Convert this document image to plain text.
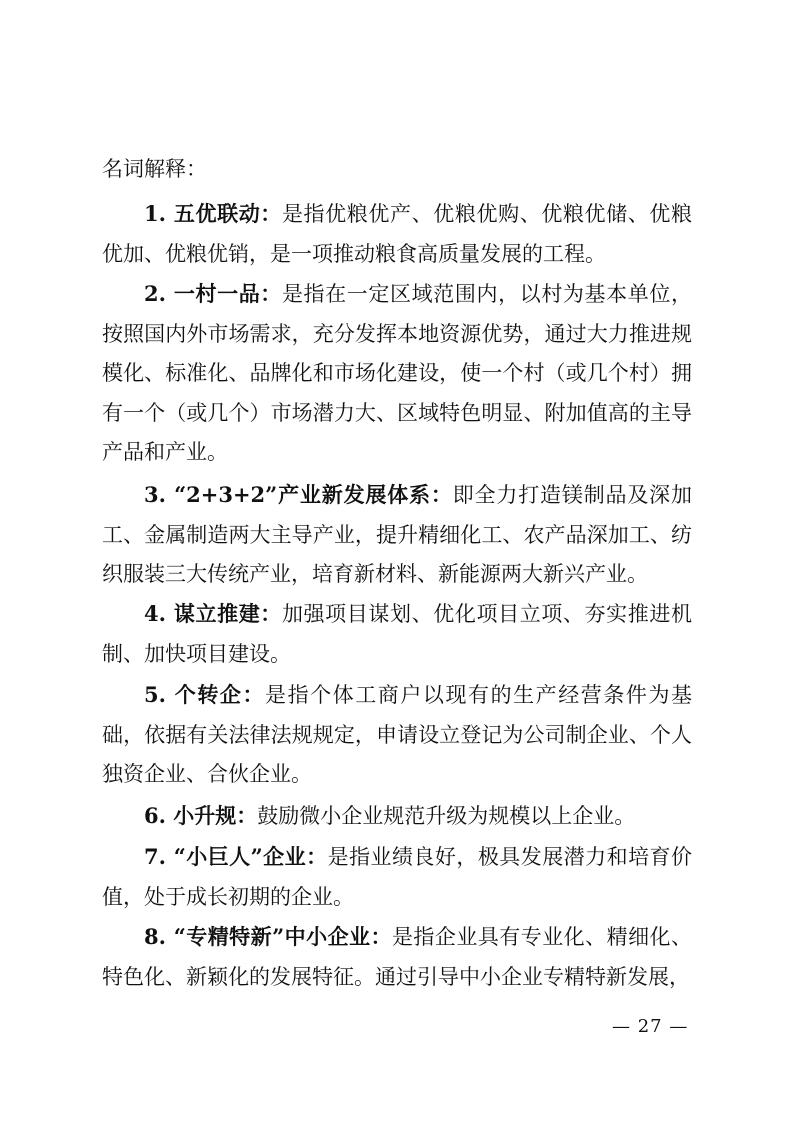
名词解释：

1. 五优联动：是指优粮优产、优粮优购、优粮优储、优粮优加、优粮优销，是一项推动粮食高质量发展的工程。

2. 一村一品：是指在一定区域范围内，以村为基本单位，按照国内外市场需求，充分发挥本地资源优势，通过大力推进规模化、标准化、品牌化和市场化建设，使一个村（或几个村）拥有一个（或几个）市场潜力大、区域特色明显、附加值高的主导产品和产业。

3. “2+3+2”产业新发展体系：即全力打造镁制品及深加工、金属制造两大主导产业，提升精细化工、农产品深加工、纺织服装三大传统产业，培育新材料、新能源两大新兴产业。

4. 谋立推建：加强项目谋划、优化项目立项、夯实推进机制、加快项目建设。

5. 个转企：是指个体工商户以现有的生产经营条件为基础，依据有关法律法规规定，申请设立登记为公司制企业、个人独资企业、合伙企业。

6. 小升规：鼓励微小企业规范升级为规模以上企业。

7. “小巨人”企业：是指业绩良好，极具发展潜力和培育价值，处于成长初期的企业。

8. “专精特新”中小企业：是指企业具有专业化、精细化、特色化、新颖化的发展特征。通过引导中小企业专精特新发展，

— 27 —
